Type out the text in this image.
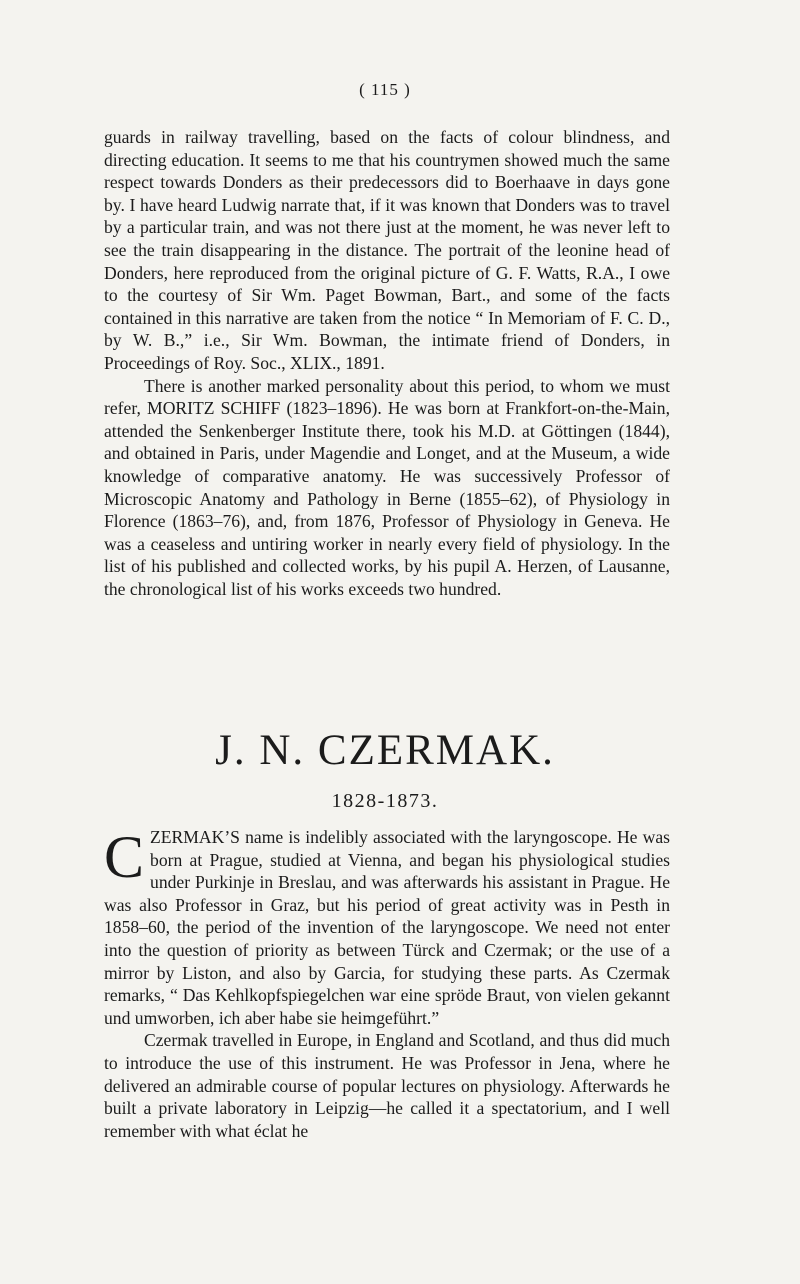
( 115 )

guards in railway travelling, based on the facts of colour blindness, and directing education. It seems to me that his countrymen showed much the same respect towards Donders as their predecessors did to Boerhaave in days gone by. I have heard Ludwig narrate that, if it was known that Donders was to travel by a particular train, and was not there just at the moment, he was never left to see the train disappearing in the distance. The portrait of the leonine head of Donders, here reproduced from the original picture of G. F. Watts, R.A., I owe to the courtesy of Sir Wm. Paget Bowman, Bart., and some of the facts contained in this narrative are taken from the notice “ In Memoriam of F. C. D., by W. B.,” i.e., Sir Wm. Bowman, the intimate friend of Donders, in Proceedings of Roy. Soc., XLIX., 1891.

There is another marked personality about this period, to whom we must refer, MORITZ SCHIFF (1823–1896). He was born at Frankfort-on-the-Main, attended the Senkenberger Institute there, took his M.D. at Göttingen (1844), and obtained in Paris, under Magendie and Longet, and at the Museum, a wide knowledge of comparative anatomy. He was successively Professor of Microscopic Anatomy and Pathology in Berne (1855–62), of Physiology in Florence (1863–76), and, from 1876, Professor of Physiology in Geneva. He was a ceaseless and untiring worker in nearly every field of physiology. In the list of his published and collected works, by his pupil A. Herzen, of Lausanne, the chronological list of his works exceeds two hundred.

J. N. CZERMAK.
1828-1873.

CZERMAK’S name is indelibly associated with the laryngoscope. He was born at Prague, studied at Vienna, and began his physiological studies under Purkinje in Breslau, and was afterwards his assistant in Prague. He was also Professor in Graz, but his period of great activity was in Pesth in 1858–60, the period of the invention of the laryngoscope. We need not enter into the question of priority as between Türck and Czermak; or the use of a mirror by Liston, and also by Garcia, for studying these parts. As Czermak remarks, “ Das Kehlkopfspiegelchen war eine spröde Braut, von vielen gekannt und umworben, ich aber habe sie heimgeführt.”

Czermak travelled in Europe, in England and Scotland, and thus did much to introduce the use of this instrument. He was Professor in Jena, where he delivered an admirable course of popular lectures on physiology. Afterwards he built a private laboratory in Leipzig—he called it a spectatorium, and I well remember with what éclat he
